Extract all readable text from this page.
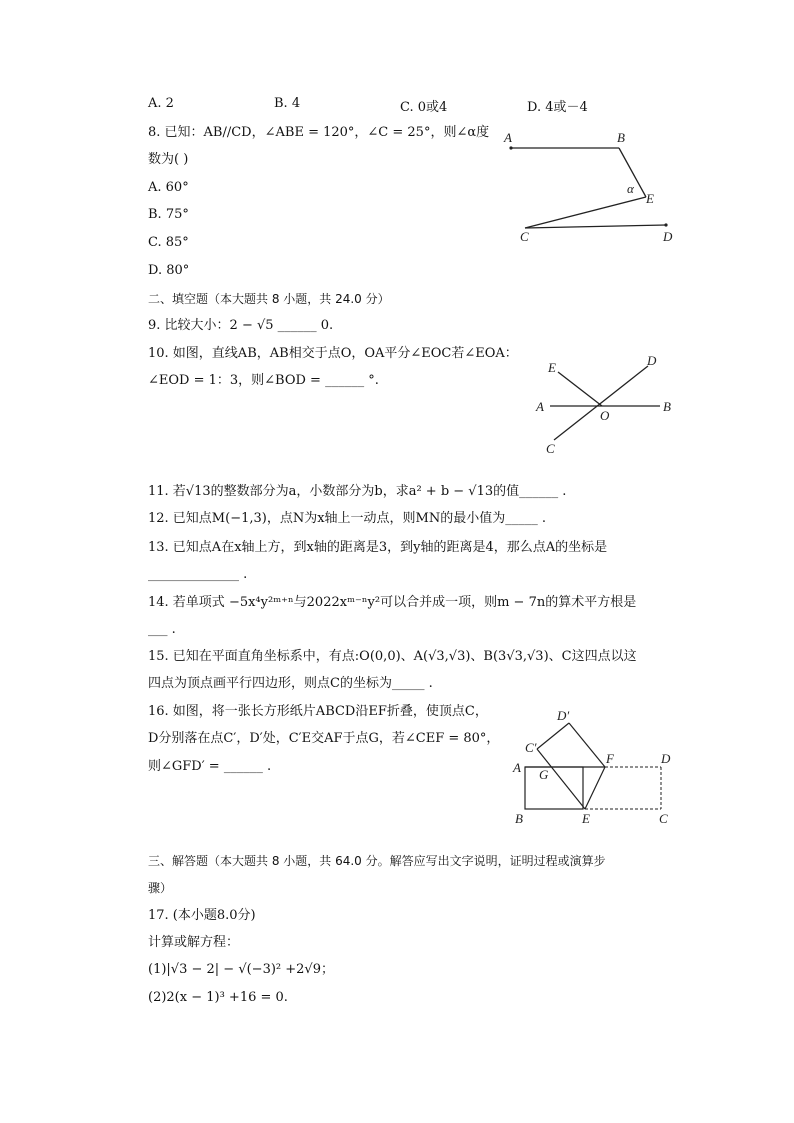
A. 2	B. 4	C. 0或4	D. 4或－4
8. 已知：AB//CD，∠ABE = 120°，∠C = 25°，则∠α度
数为( )
A. 60°
B. 75°
C. 85°
D. 80°
A	B
α
E
C	D
二、填空题（本大题共 8 小题，共 24.0 分）
9. 比较大小：2 − √5 ______ 0.
10. 如图，直线AB，AB相交于点O，OA平分∠EOC若∠EOA：
∠EOD = 1：3，则∠BOD = ______ °.
E	D
A
O
B
C
11. 若√13的整数部分为a，小数部分为b，求a² + b − √13的值______ .
12. 已知点M(−1,3)，点N为x轴上一动点，则MN的最小值为_____ .
13. 已知点A在x轴上方，到x轴的距离是3，到y轴的距离是4，那么点A的坐标是
______________ .
14. 若单项式 −5x⁴y²ᵐ⁺ⁿ与2022xᵐ⁻ⁿy²可以合并成一项，则m − 7n的算术平方根是
___ .
15. 已知在平面直角坐标系中，有点:O(0,0)、A(√3,√3)、B(3√3,√3)、C这四点以这
四点为顶点画平行四边形，则点C的坐标为_____ .
16. 如图，将一张长方形纸片ABCD沿EF折叠，使顶点C，
D分别落在点C′，D′处，C′E交AF于点G，若∠CEF = 80°，
则∠GFD′ = ______ .
D′
C′
F	D
A G
B	E	C
三、解答题（本大题共 8 小题，共 64.0 分。解答应写出文字说明，证明过程或演算步
骤）
17. (本小题8.0分)
计算或解方程：
(1)|√3 − 2| − √(−3)² +2√9；
(2)2(x − 1)³ +16 = 0.
